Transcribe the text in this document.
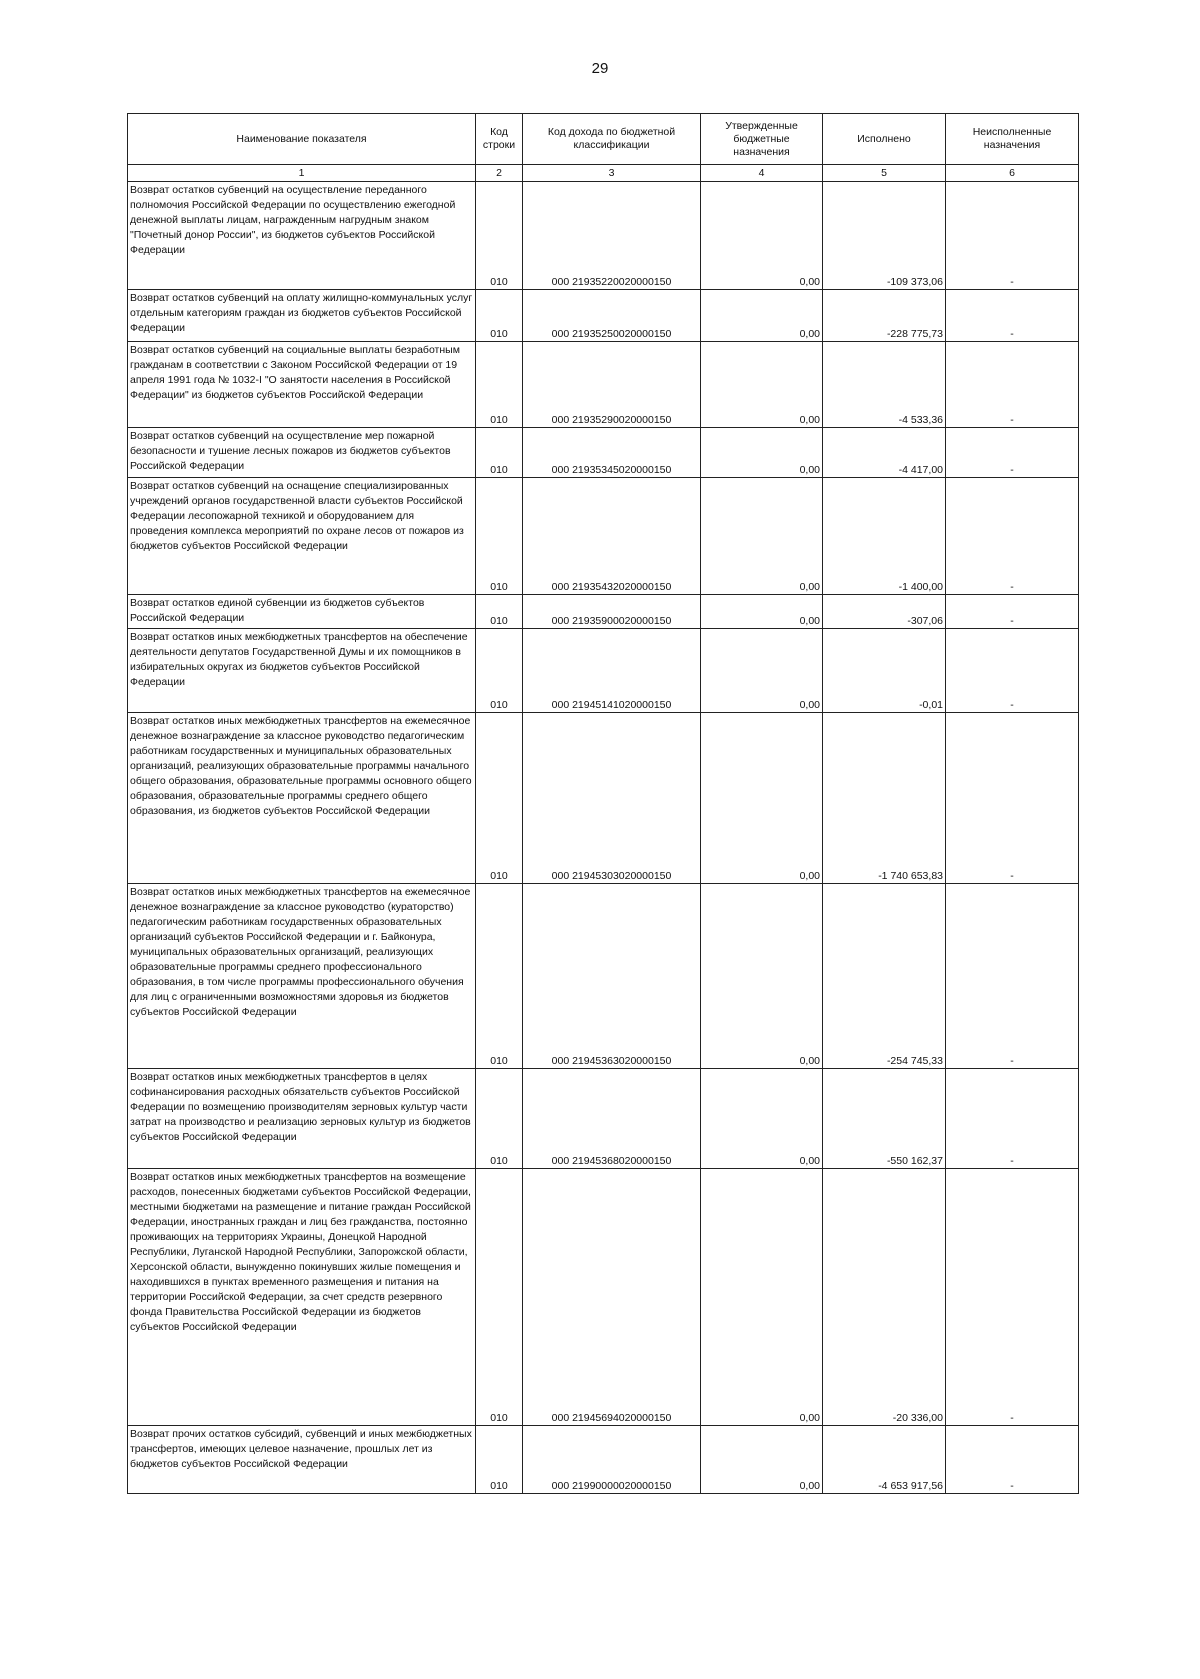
29
Наименование показателя	Код строки	Код дохода по бюджетной классификации	Утвержденные бюджетные назначения	Исполнено	Неисполненные назначения
1	2	3	4	5	6
Возврат остатков субвенций на осуществление переданного полномочия Российской Федерации по осуществлению ежегодной денежной выплаты лицам, награжденным нагрудным знаком "Почетный донор России", из бюджетов субъектов Российской Федерации	010	000 21935220020000150	0,00	-109 373,06	-
Возврат остатков субвенций на оплату жилищно-коммунальных услуг отдельным категориям граждан из бюджетов субъектов Российской Федерации	010	000 21935250020000150	0,00	-228 775,73	-
Возврат остатков субвенций на социальные выплаты безработным гражданам в соответствии с Законом Российской Федерации от 19 апреля 1991 года № 1032-I "О занятости населения в Российской Федерации" из бюджетов субъектов Российской Федерации	010	000 21935290020000150	0,00	-4 533,36	-
Возврат остатков субвенций на осуществление мер пожарной безопасности и тушение лесных пожаров из бюджетов субъектов Российской Федерации	010	000 21935345020000150	0,00	-4 417,00	-
Возврат остатков субвенций на оснащение специализированных учреждений органов государственной власти субъектов Российской Федерации лесопожарной техникой и оборудованием для проведения комплекса мероприятий по охране лесов от пожаров из бюджетов субъектов Российской Федерации	010	000 21935432020000150	0,00	-1 400,00	-
Возврат остатков единой субвенции из бюджетов субъектов Российской Федерации	010	000 21935900020000150	0,00	-307,06	-
Возврат остатков иных межбюджетных трансфертов на обеспечение деятельности депутатов Государственной Думы и их помощников в избирательных округах из бюджетов субъектов Российской Федерации	010	000 21945141020000150	0,00	-0,01	-
Возврат остатков иных межбюджетных трансфертов на ежемесячное денежное вознаграждение за классное руководство педагогическим работникам государственных и муниципальных образовательных организаций, реализующих образовательные программы начального общего образования, образовательные программы основного общего образования, образовательные программы среднего общего образования, из бюджетов субъектов Российской Федерации	010	000 21945303020000150	0,00	-1 740 653,83	-
Возврат остатков иных межбюджетных трансфертов на ежемесячное денежное вознаграждение за классное руководство (кураторство) педагогическим работникам государственных образовательных организаций субъектов Российской Федерации и г. Байконура, муниципальных образовательных организаций, реализующих образовательные программы среднего профессионального образования, в том числе программы профессионального обучения для лиц с ограниченными возможностями здоровья из бюджетов субъектов Российской Федерации	010	000 21945363020000150	0,00	-254 745,33	-
Возврат остатков иных межбюджетных трансфертов в целях софинансирования расходных обязательств субъектов Российской Федерации по возмещению производителям зерновых культур части затрат на производство и реализацию зерновых культур из бюджетов субъектов Российской Федерации	010	000 21945368020000150	0,00	-550 162,37	-
Возврат остатков иных межбюджетных трансфертов на возмещение расходов, понесенных бюджетами субъектов Российской Федерации, местными бюджетами на размещение и питание граждан Российской Федерации, иностранных граждан и лиц без гражданства, постоянно проживающих на территориях Украины, Донецкой Народной Республики, Луганской Народной Республики, Запорожской области, Херсонской области, вынужденно покинувших жилые помещения и находившихся в пунктах временного размещения и питания на территории Российской Федерации, за счет средств резервного фонда Правительства Российской Федерации из бюджетов субъектов Российской Федерации	010	000 21945694020000150	0,00	-20 336,00	-
Возврат прочих остатков субсидий, субвенций и иных межбюджетных трансфертов, имеющих целевое назначение, прошлых лет из бюджетов субъектов Российской Федерации	010	000 21990000020000150	0,00	-4 653 917,56	-
